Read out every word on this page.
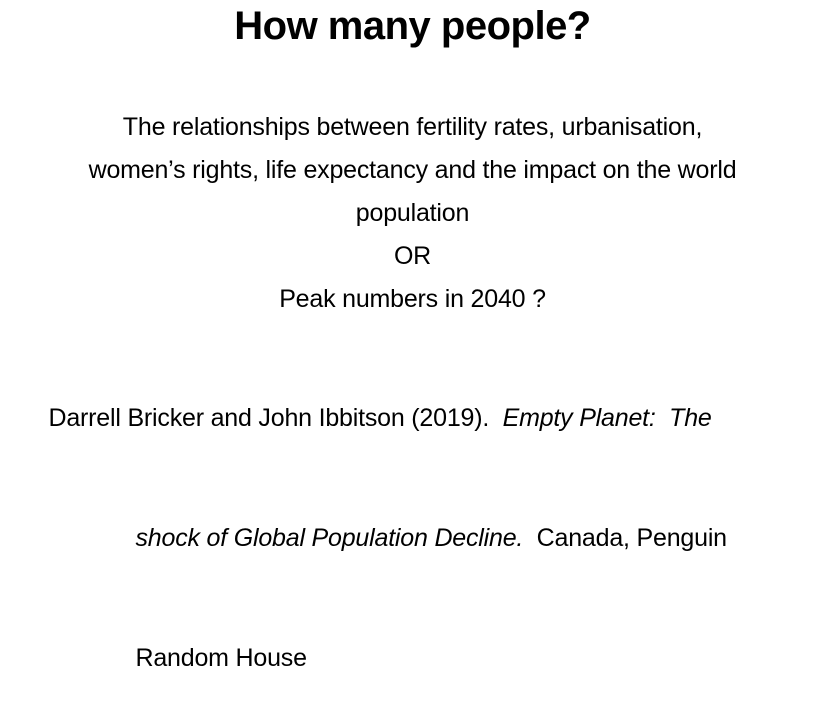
How many people?
The relationships between fertility rates, urbanisation,
women’s rights, life expectancy and the impact on the world
population
OR
Peak numbers in 2040 ?

Darrell Bricker and John Ibbitson (2019).  Empty Planet:  The

shock of Global Population Decline.  Canada, Penguin

Random House
